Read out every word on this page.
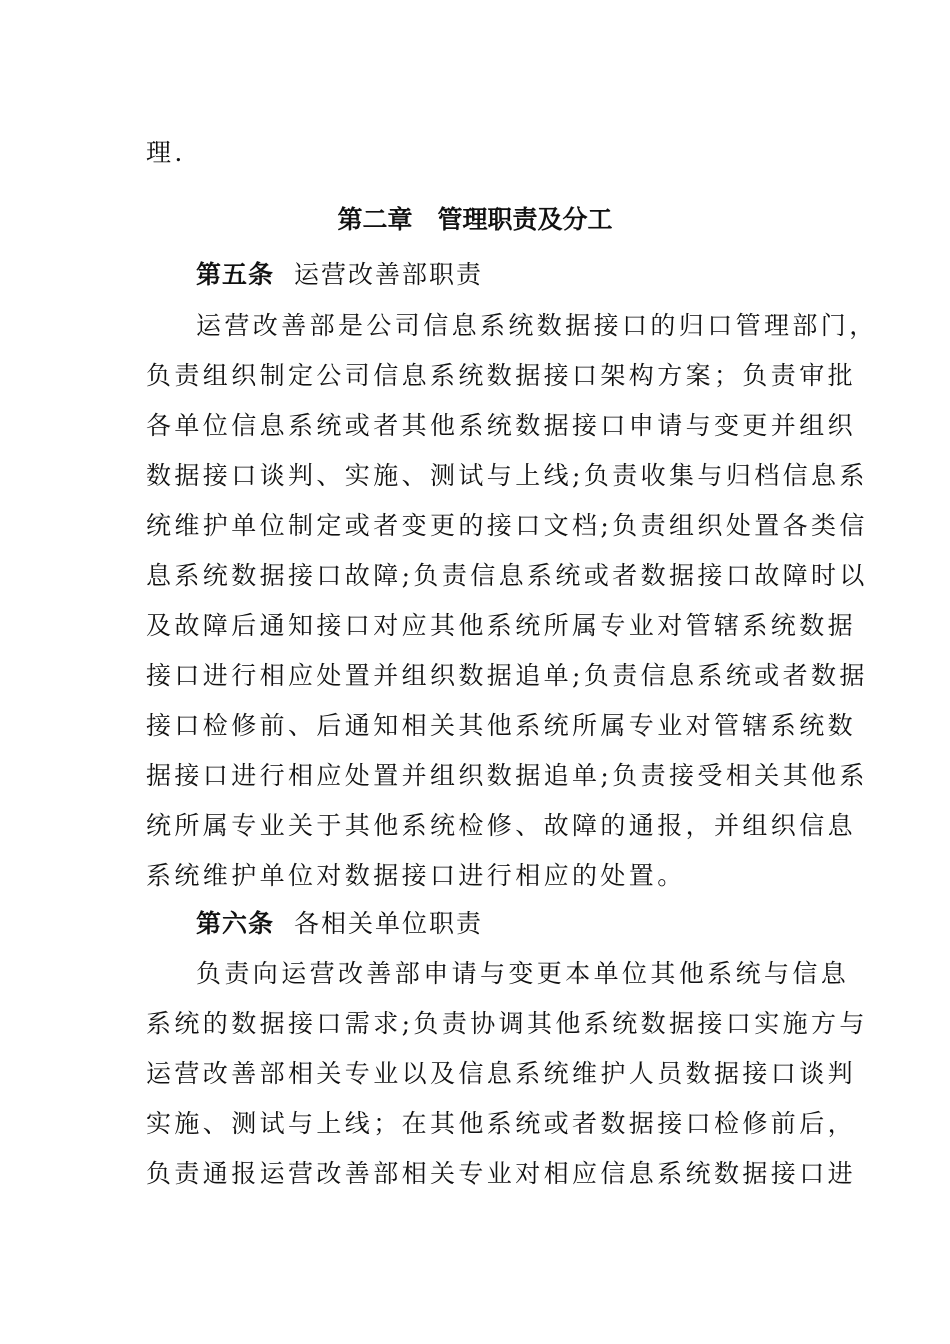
理.
第二章　管理职责及分工
第五条 运营改善部职责
运营改善部是公司信息系统数据接口的归口管理部门，
负责组织制定公司信息系统数据接口架构方案；负责审批
各单位信息系统或者其他系统数据接口申请与变更并组织
数据接口谈判、实施、测试与上线;负责收集与归档信息系
统维护单位制定或者变更的接口文档;负责组织处置各类信
息系统数据接口故障;负责信息系统或者数据接口故障时以
及故障后通知接口对应其他系统所属专业对管辖系统数据
接口进行相应处置并组织数据追单;负责信息系统或者数据
接口检修前、后通知相关其他系统所属专业对管辖系统数
据接口进行相应处置并组织数据追单;负责接受相关其他系
统所属专业关于其他系统检修、故障的通报，并组织信息
系统维护单位对数据接口进行相应的处置。
第六条 各相关单位职责
负责向运营改善部申请与变更本单位其他系统与信息
系统的数据接口需求;负责协调其他系统数据接口实施方与
运营改善部相关专业以及信息系统维护人员数据接口谈判
实施、测试与上线；在其他系统或者数据接口检修前后，
负责通报运营改善部相关专业对相应信息系统数据接口进
